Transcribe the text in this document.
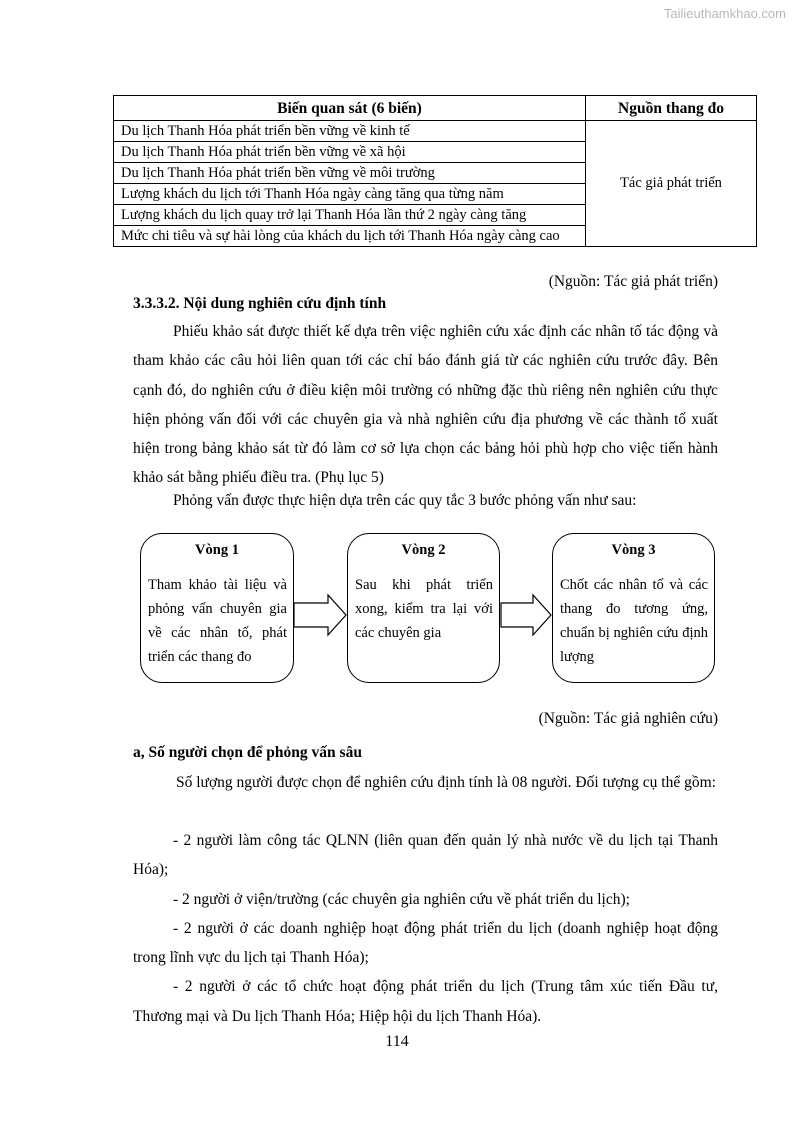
Tailieuthamkhao.com
Biến quan sát (6 biến)	Nguồn thang đo
Du lịch Thanh Hóa phát triển bền vững về kinh tế	Tác giả phát triển
Du lịch Thanh Hóa phát triển bền vững về xã hội	
Du lịch Thanh Hóa phát triển bền vững về môi trường	
Lượng khách du lịch tới Thanh Hóa ngày càng tăng qua từng năm	
Lượng khách du lịch quay trở lại Thanh Hóa lần thứ 2 ngày càng tăng	
Mức chi tiêu và sự hài lòng của khách du lịch tới Thanh Hóa ngày càng cao	
(Nguồn: Tác giả phát triển)
3.3.3.2. Nội dung nghiên cứu định tính
Phiếu khảo sát được thiết kế dựa trên việc nghiên cứu xác định các nhân tố tác động và tham khảo các câu hỏi liên quan tới các chỉ báo đánh giá từ các nghiên cứu trước đây. Bên cạnh đó, do nghiên cứu ở điều kiện môi trường có những đặc thù riêng nên nghiên cứu thực hiện phỏng vấn đối với các chuyên gia và nhà nghiên cứu địa phương về các thành tố xuất hiện trong bảng khảo sát từ đó làm cơ sở lựa chọn các bảng hỏi phù hợp cho việc tiến hành khảo sát bằng phiếu điều tra. (Phụ lục 5)
Phỏng vấn được thực hiện dựa trên các quy tắc 3 bước phỏng vấn như sau:
Vòng 1
Tham khảo tài liệu và phỏng vấn chuyên gia về các nhân tố, phát triển các thang đo
Vòng 2
Sau khi phát triển xong, kiểm tra lại với các chuyên gia
Vòng 3
Chốt các nhân tố và các thang đo tương ứng, chuẩn bị nghiên cứu định lượng
(Nguồn: Tác giả nghiên cứu)
a, Số người chọn để phỏng vấn sâu
Số lượng người được chọn để nghiên cứu định tính là 08 người. Đối tượng cụ thể gồm:
- 2 người làm công tác QLNN (liên quan đến quản lý nhà nước về du lịch tại Thanh Hóa);
- 2 người ở viện/trường (các chuyên gia nghiên cứu về phát triển du lịch);
- 2 người ở các doanh nghiệp hoạt động phát triển du lịch (doanh nghiệp hoạt động trong lĩnh vực du lịch tại Thanh Hóa);
- 2 người ở các tổ chức hoạt động phát triển du lịch (Trung tâm xúc tiến Đầu tư, Thương mại và Du lịch Thanh Hóa; Hiệp hội du lịch Thanh Hóa).
114
